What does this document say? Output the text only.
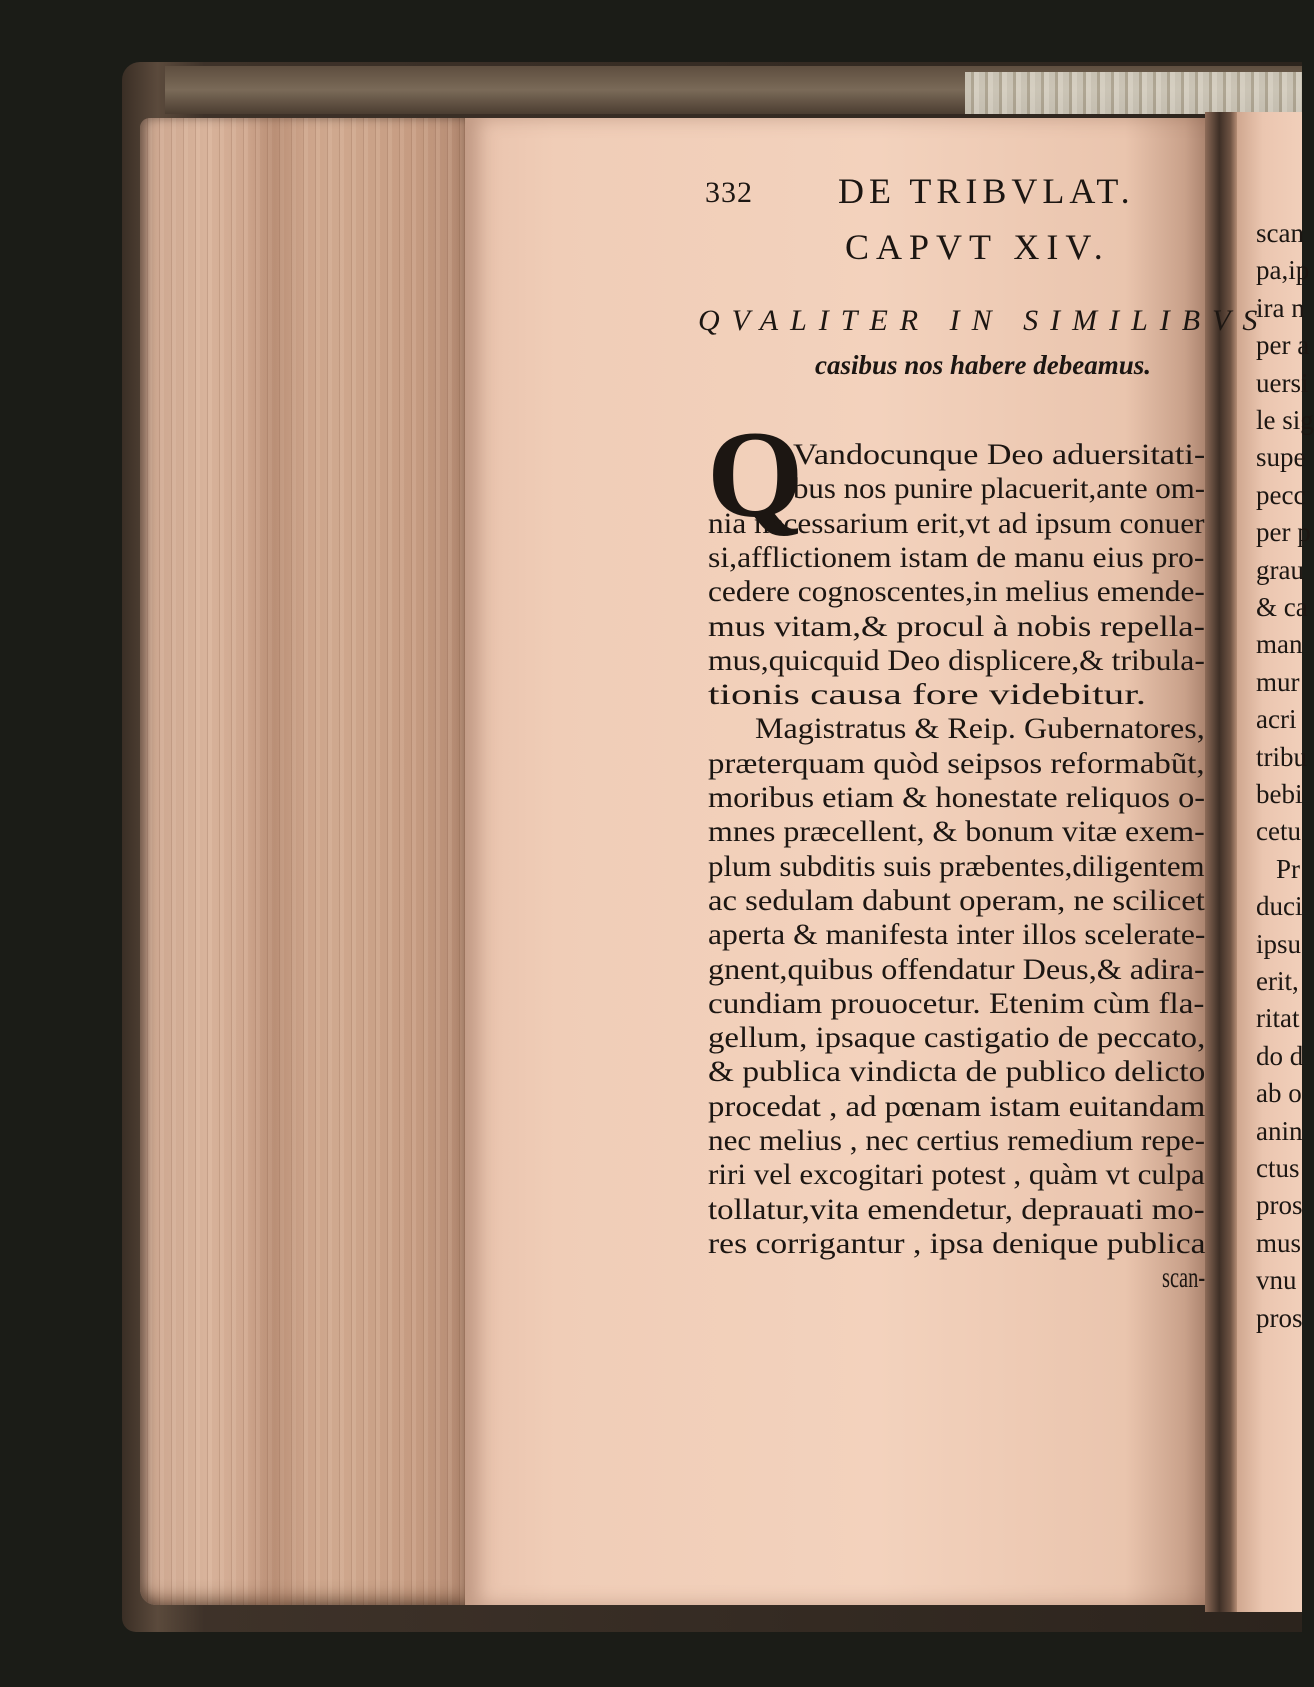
332 DE TRIBVLAT.
CAPVT XIV.
QVALITER IN SIMILIBVS
casibus nos habere debeamus.
Q
Vandocunque Deo aduersitati-
bus nos punire placuerit,ante om-
nia necessarium erit,vt ad ipsum conuer
si,afflictionem istam de manu eius pro-
cedere cognoscentes,in melius emende-
mus vitam,& procul à nobis repella-
mus,quicquid Deo displicere,& tribula-
tionis causa fore videbitur.
Magistratus & Reip. Gubernatores,
præterquam quòd seipsos reformabũt,
moribus etiam & honestate reliquos o-
mnes præcellent, & bonum vitæ exem-
plum subditis suis præbentes,diligentem
ac sedulam dabunt operam, ne scilicet
aperta & manifesta inter illos scelerate-
gnent,quibus offendatur Deus,& adira-
cundiam prouocetur. Etenim cùm fla-
gellum, ipsaque castigatio de peccato,
& publica vindicta de publico delicto
procedat , ad pœnam istam euitandam
nec melius , nec certius remedium repe-
riri vel excogitari potest , quàm vt culpa
tollatur,vita emendetur, deprauati mo-
res corrigantur , ipsa denique publica
scan-
scan
pa,ip
ira n
per a
uersi
le sig
supe
pecc
per p
grau
& ca
man
mur
acri
tribu
bebi
cetu
Pr
duci
ipsu
erit,
ritat
do d
ab o
anin
ctus
pros
mus
vnu
pros
